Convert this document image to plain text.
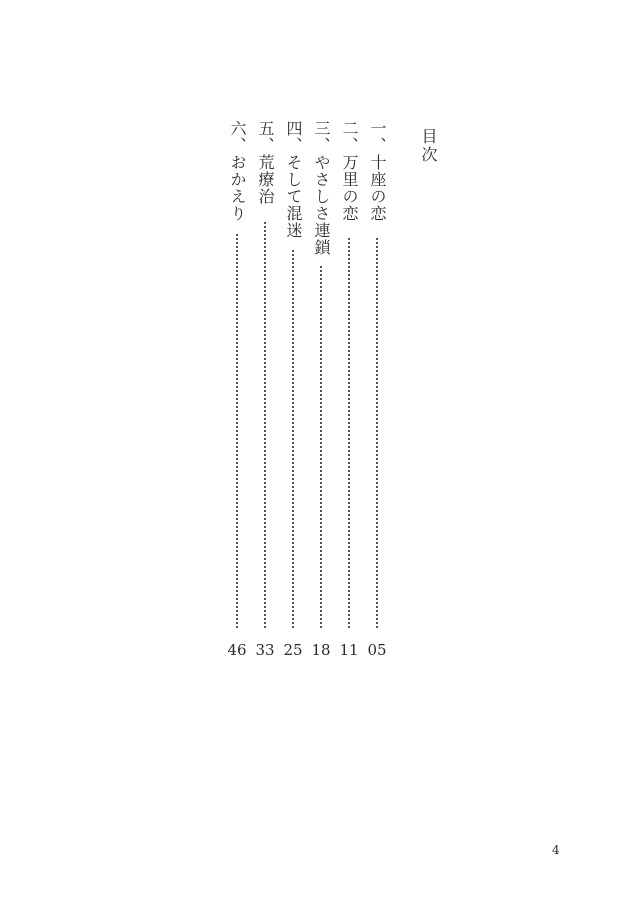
目次
一、十座の恋
05
二、万里の恋
11
三、やさしさ連鎖
18
四、そして混迷
25
五、荒療治
33
六、おかえり
46
4
